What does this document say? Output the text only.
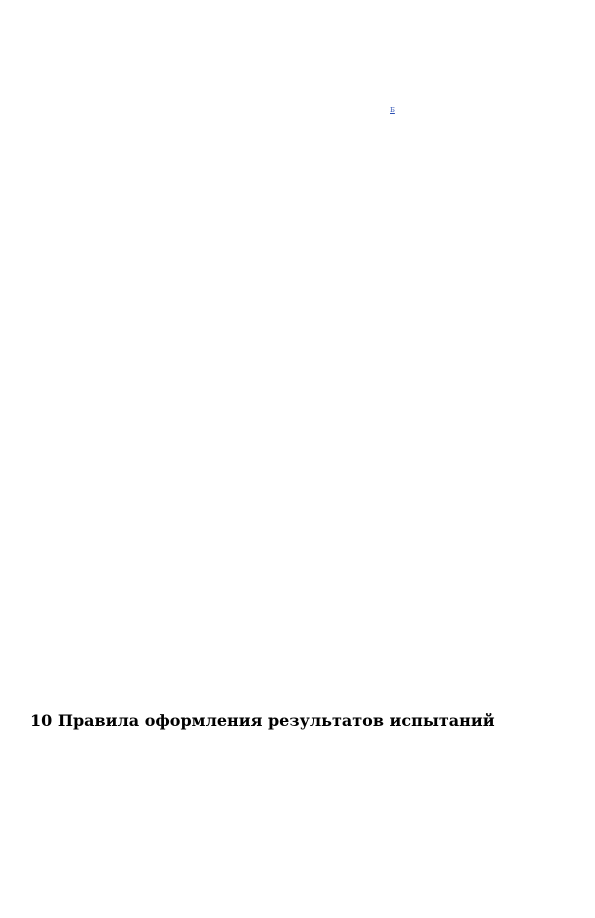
Б
10 Правила оформления результатов испытаний
